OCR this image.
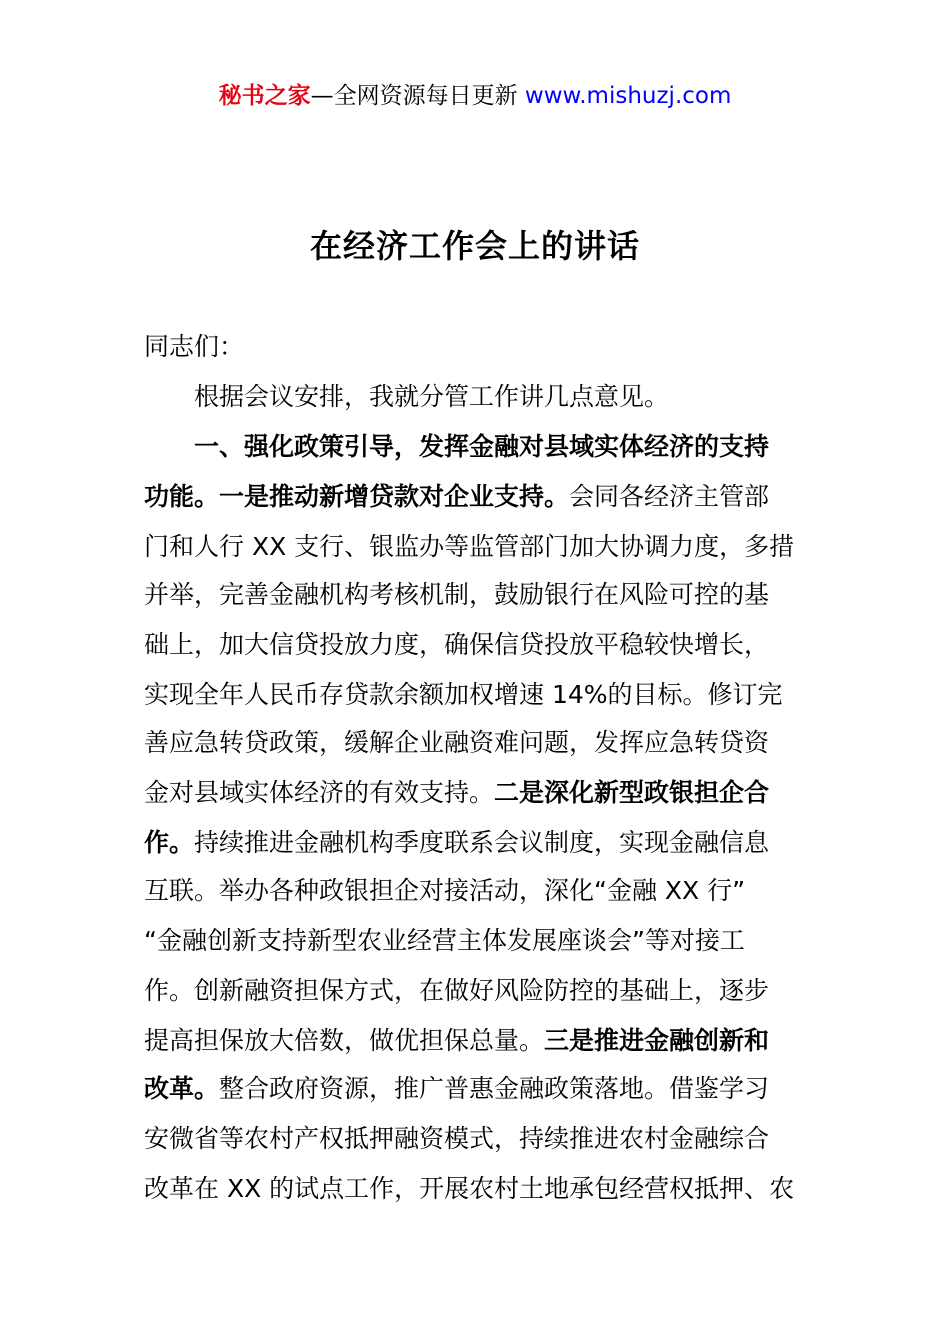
秘书之家—全网资源每日更新 www.mishuzj.com
在经济工作会上的讲话
同志们：
　　根据会议安排，我就分管工作讲几点意见。
　　一、强化政策引导，发挥金融对县域实体经济的支持
功能。一是推动新增贷款对企业支持。会同各经济主管部
门和人行 XX 支行、银监办等监管部门加大协调力度，多措
并举，完善金融机构考核机制，鼓励银行在风险可控的基
础上，加大信贷投放力度，确保信贷投放平稳较快增长，
实现全年人民币存贷款余额加权增速 14%的目标。修订完
善应急转贷政策，缓解企业融资难问题，发挥应急转贷资
金对县域实体经济的有效支持。二是深化新型政银担企合
作。持续推进金融机构季度联系会议制度，实现金融信息
互联。举办各种政银担企对接活动，深化“金融 XX 行”
“金融创新支持新型农业经营主体发展座谈会”等对接工
作。创新融资担保方式，在做好风险防控的基础上，逐步
提高担保放大倍数，做优担保总量。三是推进金融创新和
改革。整合政府资源，推广普惠金融政策落地。借鉴学习
安微省等农村产权抵押融资模式，持续推进农村金融综合
改革在 XX 的试点工作，开展农村土地承包经营权抵押、农
